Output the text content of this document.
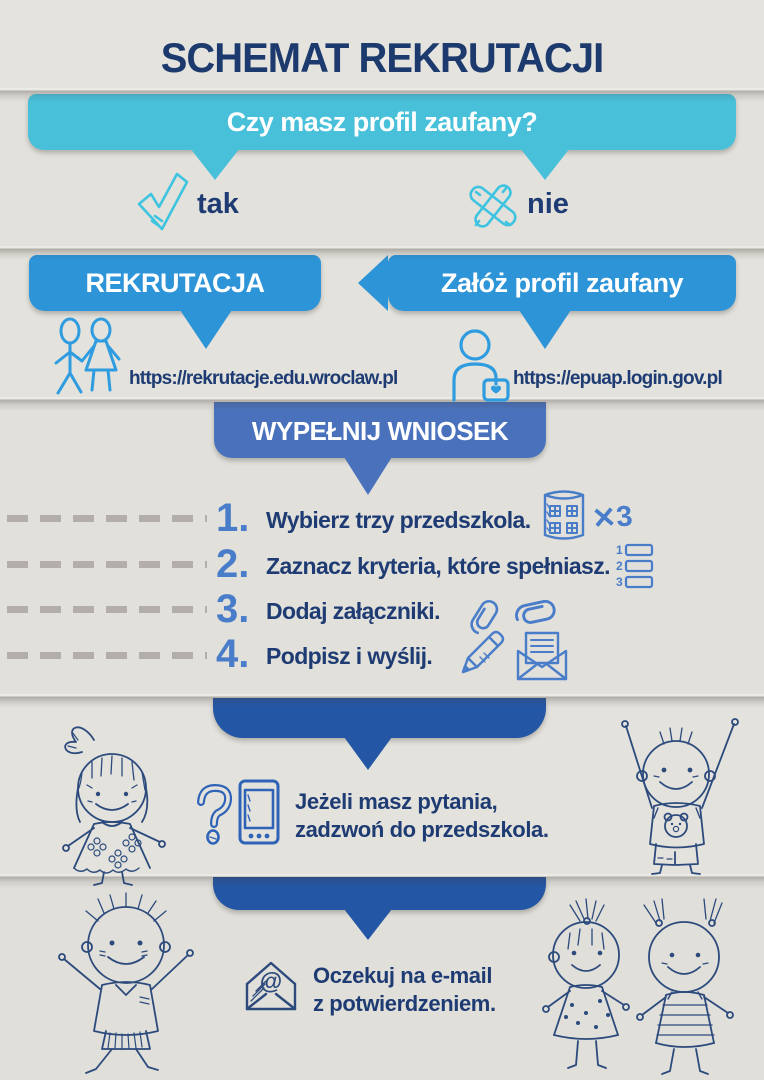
SCHEMAT REKRUTACJI
Czy masz profil zaufany?
tak	nie
REKRUTACJA	Załóż profil zaufany
https://rekrutacje.edu.wroclaw.pl	https://epuap.login.gov.pl
WYPEŁNIJ WNIOSEK
1. Wybierz trzy przedszkola. ✕3
2. Zaznacz kryteria, które spełniasz.
1
2
3
3. Dodaj załączniki.
4. Podpisz i wyślij.
Jeżeli masz pytania,
zadzwoń do przedszkola.
@ Oczekuj na e-mail
z potwierdzeniem.
